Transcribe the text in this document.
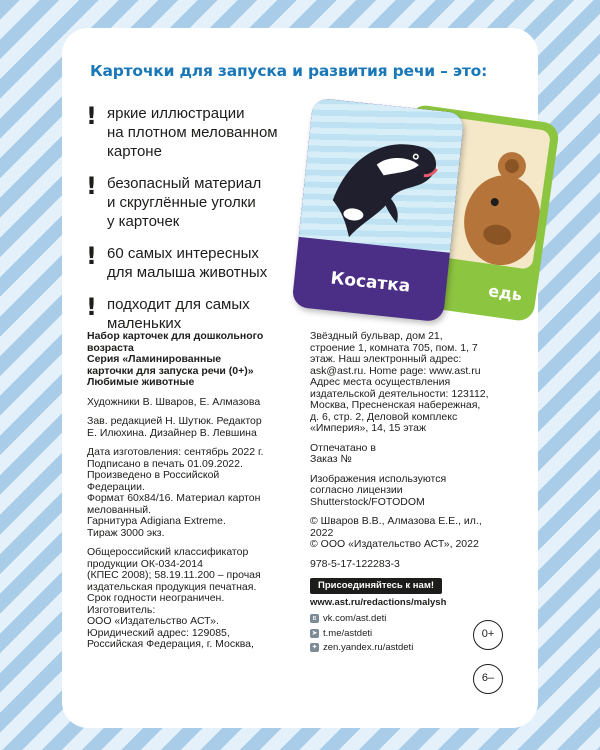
Карточки для запуска и развития речи – это:
! яркие иллюстрации
на плотном мелованном
картоне
! безопасный материал
и скруглённые уголки
у карточек
! 60 самых интересных
для малыша животных
! подходит для самых
маленьких
едь
Косатка
Набор карточек для дошкольного
возраста
Серия «Ламинированные
карточки для запуска речи (0+)»
Любимые животные
Художники В. Шваров, Е. Алмазова
Зав. редакцией Н. Шутюк. Редактор
Е. Илюхина. Дизайнер В. Левшина
Дата изготовления: сентябрь 2022 г.
Подписано в печать 01.09.2022.
Произведено в Российской
Федерации.
Формат 60х84/16. Материал картон
мелованный.
Гарнитура Adigiana Extreme.
Тираж 3000 экз.
Общероссийский классификатор
продукции ОК-034-2014
(КПЕС 2008); 58.19.11.200 – прочая
издательская продукция печатная.
Срок годности неограничен.
Изготовитель:
ООО «Издательство АСТ».
Юридический адрес: 129085,
Российская Федерация, г. Москва,
Звёздный бульвар, дом 21,
строение 1, комната 705, пом. 1, 7
этаж. Наш электронный адрес:
ask@ast.ru. Home page: www.ast.ru
Адрес места осуществления
издательской деятельности: 123112,
Москва, Пресненская набережная,
д. 6, стр. 2, Деловой комплекс
«Империя», 14, 15 этаж
Отпечатано в
Заказ №
Изображения используются
согласно лицензии
Shutterstock/FOTODOM
© Шваров В.В., Алмазова Е.Е., ил.,
2022
© ООО «Издательство АСТ», 2022
978-5-17-122283-3
Присоединяйтесь к нам!
www.ast.ru/redactions/malysh
в vk.com/ast.deti
➤ t.me/astdeti
✦ zen.yandex.ru/astdeti
0+
6–
